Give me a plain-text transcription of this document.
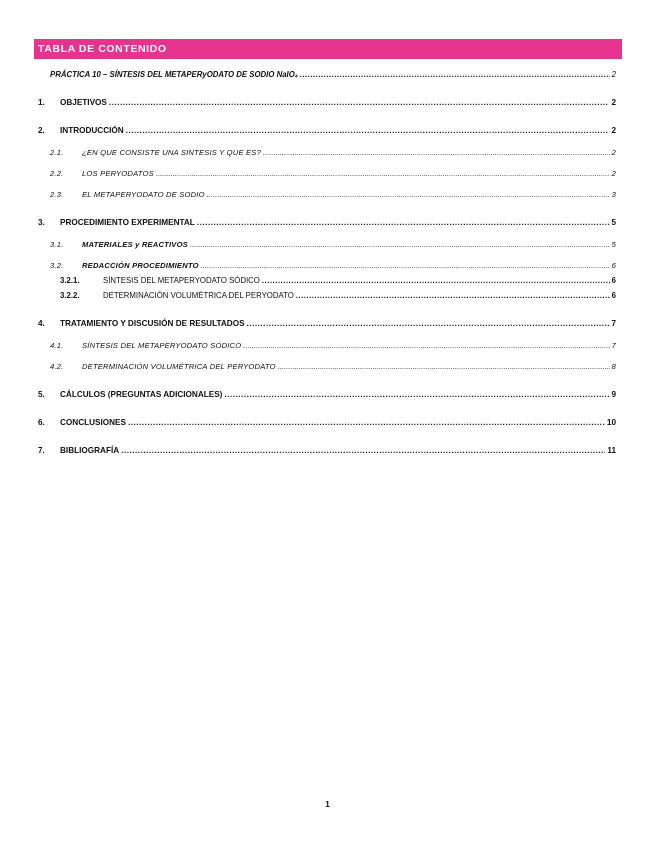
TABLA DE CONTENIDO
PRÁCTICA 10 – SÍNTESIS DEL METAPERyODATO DE SODIO NaIO₄ .....	2
1.	OBJETIVOS .....	2
2.	INTRODUCCIÓN .....	2
2.1.	¿EN QUE CONSISTE UNA SINTESIS Y QUE ES? .....	2
2.2.	LOS PERYODATOS .....	2
2.3.	EL METAPERYODATO DE SODIO .....	3
3.	PROCEDIMIENTO EXPERIMENTAL .....	5
3.1.	MATERIALES y REACTIVOS .....	5
3.2.	REDACCIÓN PROCEDIMIENTO .....	6
3.2.1.	SÍNTESIS DEL METAPERYODATO SÓDICO .....	6
3.2.2.	DETERMINACIÓN VOLUMÉTRICA DEL PERYODATO .....	6
4.	TRATAMIENTO Y DISCUSIÓN DE RESULTADOS .....	7
4.1.	SÍNTESIS DEL METAPERYODATO SÓDICO .....	7
4.2.	DETERMINACIÓN VOLUMÉTRICA DEL PERYODATO .....	8
5.	CÁLCULOS (PREGUNTAS ADICIONALES) .....	9
6.	CONCLUSIONES .....	10
7.	BIBLIOGRAFÍA .....	11
1
